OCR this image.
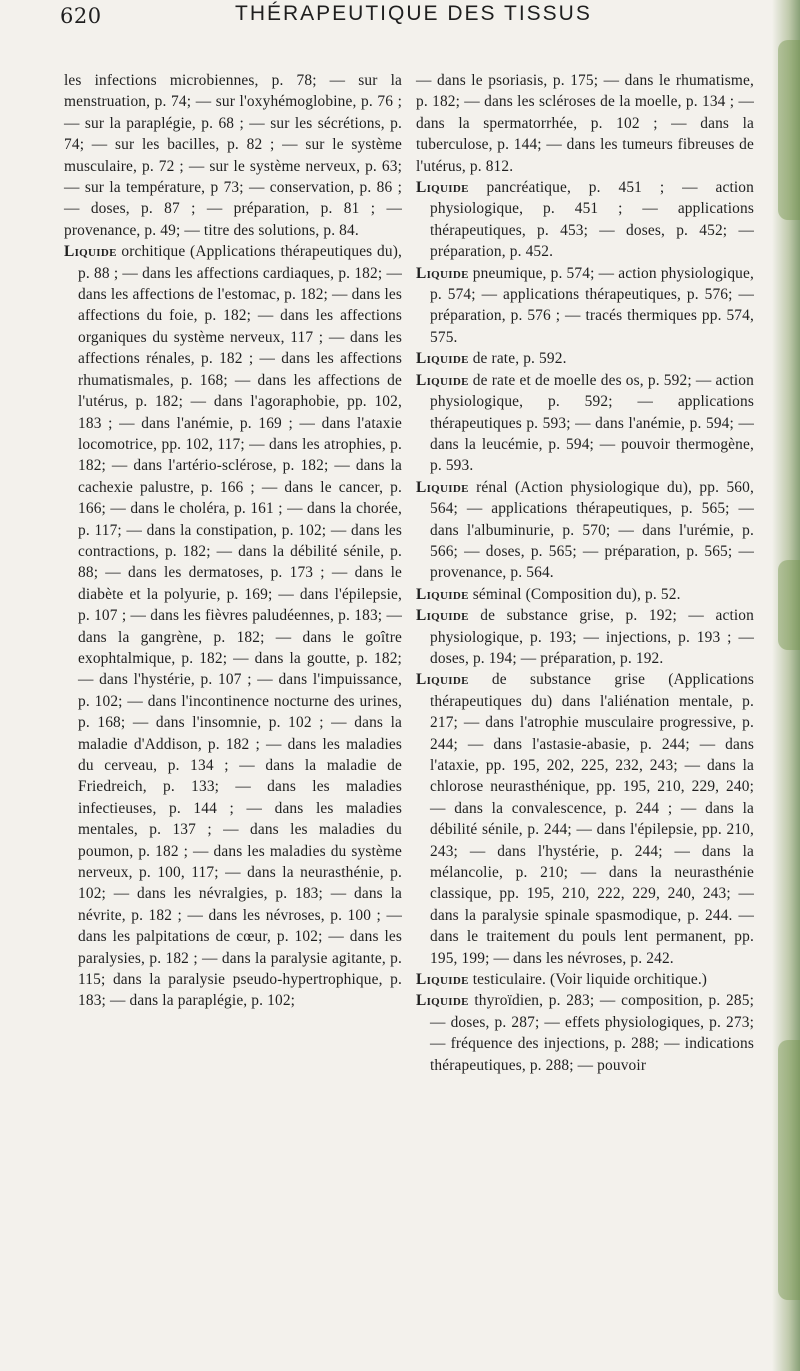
620	THÉRAPEUTIQUE DES TISSUS

les infections microbiennes, p. 78; — sur la menstruation, p. 74; — sur l'oxyhémoglobine, p. 76 ; — sur la paraplégie, p. 68 ; — sur les sécrétions, p. 74; — sur les bacilles, p. 82 ; — sur le système musculaire, p. 72 ; — sur le système nerveux, p. 63; — sur la température, p 73; — conservation, p. 86 ; — doses, p. 87 ; — préparation, p. 81 ; — provenance, p. 49; — titre des solutions, p. 84.

Liquide orchitique (Applications thérapeutiques du), p. 88 ; — dans les affections cardiaques, p. 182; — dans les affections de l'estomac, p. 182; — dans les affections du foie, p. 182; — dans les affections organiques du système nerveux, 117 ; — dans les affections rénales, p. 182 ; — dans les affections rhumatismales, p. 168; — dans les affections de l'utérus, p. 182; — dans l'agoraphobie, pp. 102, 183 ; — dans l'anémie, p. 169 ; — dans l'ataxie locomotrice, pp. 102, 117; — dans les atrophies, p. 182; — dans l'artério-sclérose, p. 182; — dans la cachexie palustre, p. 166 ; — dans le cancer, p. 166; — dans le choléra, p. 161 ; — dans la chorée, p. 117; — dans la constipation, p. 102; — dans les contractions, p. 182; — dans la débilité sénile, p. 88; — dans les dermatoses, p. 173 ; — dans le diabète et la polyurie, p. 169; — dans l'épilepsie, p. 107 ; — dans les fièvres paludéennes, p. 183; — dans la gangrène, p. 182; — dans le goître exophtalmique, p. 182; — dans la goutte, p. 182; — dans l'hystérie, p. 107 ; — dans l'impuissance, p. 102; — dans l'incontinence nocturne des urines, p. 168; — dans l'insomnie, p. 102 ; — dans la maladie d'Addison, p. 182 ; — dans les maladies du cerveau, p. 134 ; — dans la maladie de Friedreich, p. 133; — dans les maladies infectieuses, p. 144 ; — dans les maladies mentales, p. 137 ; — dans les maladies du poumon, p. 182 ; — dans les maladies du système nerveux, p. 100, 117; — dans la neurasthénie, p. 102; — dans les névralgies, p. 183; — dans la névrite, p. 182 ; — dans les névroses, p. 100 ; — dans les palpitations de cœur, p. 102; — dans les paralysies, p. 182 ; — dans la paralysie agitante, p. 115; dans la paralysie pseudo-hypertrophique, p. 183; — dans la paraplégie, p. 102;

— dans le psoriasis, p. 175; — dans le rhumatisme, p. 182; — dans les scléroses de la moelle, p. 134 ; — dans la spermatorrhée, p. 102 ; — dans la tuberculose, p. 144; — dans les tumeurs fibreuses de l'utérus, p. 812.

Liquide pancréatique, p. 451 ; — action physiologique, p. 451 ; — applications thérapeutiques, p. 453; — doses, p. 452; — préparation, p. 452.

Liquide pneumique, p. 574; — action physiologique, p. 574; — applications thérapeutiques, p. 576; — préparation, p. 576 ; — tracés thermiques pp. 574, 575.

Liquide de rate, p. 592.

Liquide de rate et de moelle des os, p. 592; — action physiologique, p. 592; — applications thérapeutiques p. 593; — dans l'anémie, p. 594; — dans la leucémie, p. 594; — pouvoir thermogène, p. 593.

Liquide rénal (Action physiologique du), pp. 560, 564; — applications thérapeutiques, p. 565; — dans l'albuminurie, p. 570; — dans l'urémie, p. 566; — doses, p. 565; — préparation, p. 565; — provenance, p. 564.

Liquide séminal (Composition du), p. 52.

Liquide de substance grise, p. 192; — action physiologique, p. 193; — injections, p. 193 ; — doses, p. 194; — préparation, p. 192.

Liquide de substance grise (Applications thérapeutiques du) dans l'aliénation mentale, p. 217; — dans l'atrophie musculaire progressive, p. 244; — dans l'astasie-abasie, p. 244; — dans l'ataxie, pp. 195, 202, 225, 232, 243; — dans la chlorose neurasthénique, pp. 195, 210, 229, 240; — dans la convalescence, p. 244 ; — dans la débilité sénile, p. 244; — dans l'épilepsie, pp. 210, 243; — dans l'hystérie, p. 244; — dans la mélancolie, p. 210; — dans la neurasthénie classique, pp. 195, 210, 222, 229, 240, 243; — dans la paralysie spinale spasmodique, p. 244. — dans le traitement du pouls lent permanent, pp. 195, 199; — dans les névroses, p. 242.

Liquide testiculaire. (Voir liquide orchitique.)

Liquide thyroïdien, p. 283; — composition, p. 285; — doses, p. 287; — effets physiologiques, p. 273; — fréquence des injections, p. 288; — indications thérapeutiques, p. 288; — pouvoir
